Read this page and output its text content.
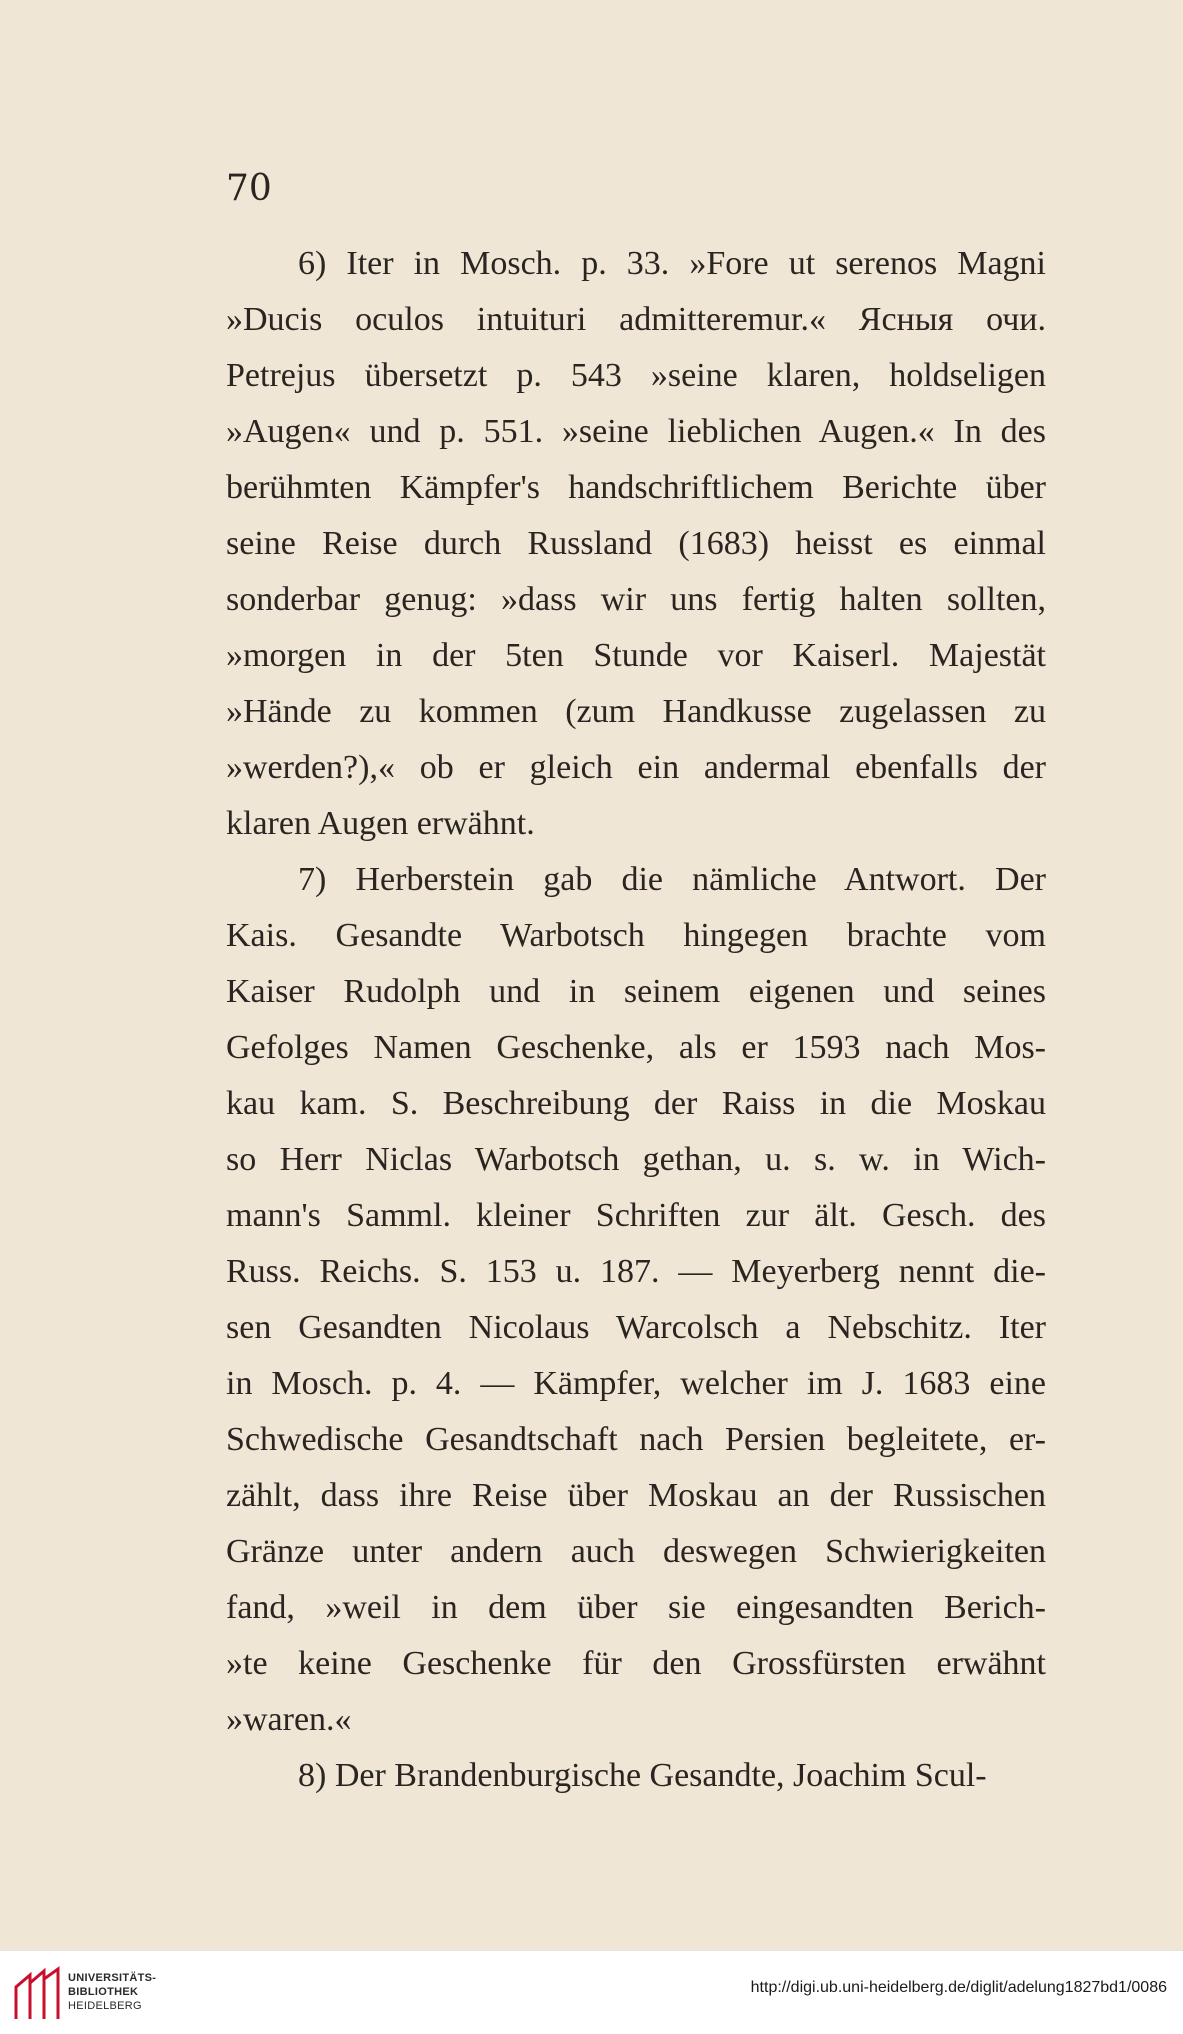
70
6) Iter in Mosch. p. 33. »Fore ut serenos Magni
»Ducis oculos intuituri admitteremur.« Ясныя очи.
Petrejus übersetzt p. 543 »seine klaren, holdseligen
»Augen« und p. 551. »seine lieblichen Augen.« In des
berühmten Kämpfer's handschriftlichem Berichte über
seine Reise durch Russland (1683) heisst es einmal
sonderbar genug: »dass wir uns fertig halten sollten,
»morgen in der 5ten Stunde vor Kaiserl. Majestät
»Hände zu kommen (zum Handkusse zugelassen zu
»werden?),« ob er gleich ein andermal ebenfalls der
klaren Augen erwähnt.
7) Herberstein gab die nämliche Antwort. Der
Kais. Gesandte Warbotsch hingegen brachte vom
Kaiser Rudolph und in seinem eigenen und seines
Gefolges Namen Geschenke, als er 1593 nach Mos-
kau kam. S. Beschreibung der Raiss in die Moskau
so Herr Niclas Warbotsch gethan, u. s. w. in Wich-
mann's Samml. kleiner Schriften zur ält. Gesch. des
Russ. Reichs. S. 153 u. 187. — Meyerberg nennt die-
sen Gesandten Nicolaus Warcolsch a Nebschitz. Iter
in Mosch. p. 4. — Kämpfer, welcher im J. 1683 eine
Schwedische Gesandtschaft nach Persien begleitete, er-
zählt, dass ihre Reise über Moskau an der Russischen
Gränze unter andern auch deswegen Schwierigkeiten
fand, »weil in dem über sie eingesandten Berich-
»te keine Geschenke für den Grossfürsten erwähnt
»waren.«
8) Der Brandenburgische Gesandte, Joachim Scul-
UNIVERSITÄTS-
BIBLIOTHEK
HEIDELBERG
http://digi.ub.uni-heidelberg.de/diglit/adelung1827bd1/0086
